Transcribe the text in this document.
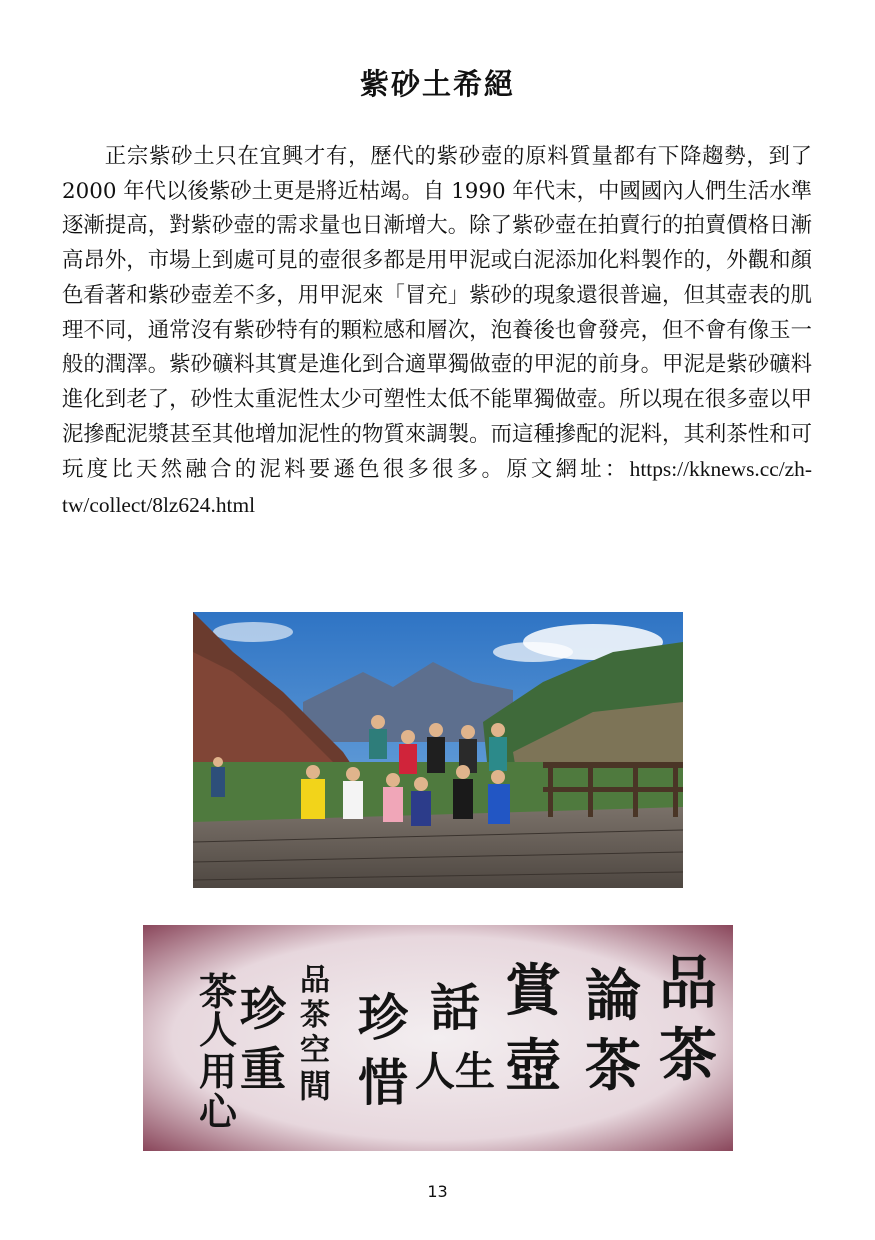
紫砂土希絕

正宗紫砂土只在宜興才有，歷代的紫砂壺的原料質量都有下降趨勢，到了 2000 年代以後紫砂土更是將近枯竭。自 1990 年代末，中國國內人們生活水準逐漸提高，對紫砂壺的需求量也日漸增大。除了紫砂壺在拍賣行的拍賣價格日漸高昂外，市場上到處可見的壺很多都是用甲泥或白泥添加化料製作的，外觀和顏色看著和紫砂壺差不多，用甲泥來「冒充」紫砂的現象還很普遍，但其壺表的肌理不同，通常沒有紫砂特有的顆粒感和層次，泡養後也會發亮，但不會有像玉一般的潤澤。紫砂礦料其實是進化到合適單獨做壺的甲泥的前身。甲泥是紫砂礦料進化到老了，砂性太重泥性太少可塑性太低不能單獨做壺。所以現在很多壺以甲泥摻配泥漿甚至其他增加泥性的物質來調製。而這種摻配的泥料，其利茶性和可玩度比天然融合的泥料要遜色很多很多。原文網址：https://kknews.cc/zh-tw/collect/8lz624.html

品
茶
論
茶
賞
壺
話
人生
珍
惜
品
茶
空
間
珍
重
茶
人
用
心
13
